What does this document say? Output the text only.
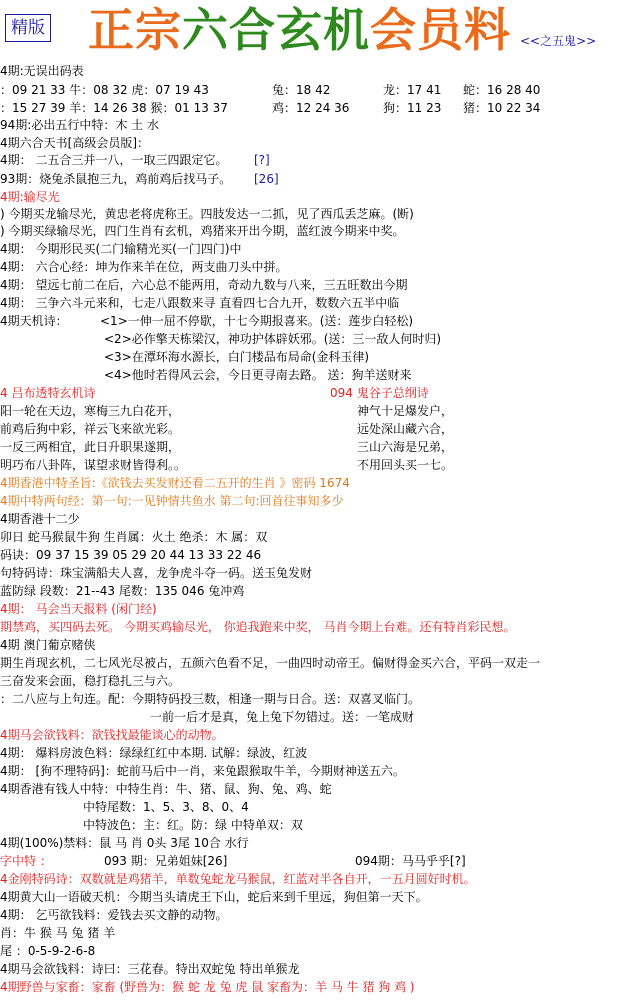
精版 正宗六合玄机会员料 <<之五鬼>>
4期:无误出码表
：09 21 33 牛：08 32 虎：07 19 43	兔：18 42	龙：17 41 蛇：16 28 40
：15 27 39 羊：14 26 38 猴：01 13 37	鸡：12 24 36	狗：11 23 猪：10 22 34
94期:必出五行中特：木 土 水
4期六合天书[高级会员版]：
4期： 二五合三并一八，一取三四跟定它。 [?]
93期：烧兔杀鼠抱三九，鸡前鸡后找马子。 [26]
4期:输尽光
) 今期买龙输尽光，黄忠老将虎称王。四肢发达一二抓，见了西瓜丢芝麻。(断)
) 今期买绿输尽光，四门生肖有玄机，鸡猪来开出今期，蓝红波今期来中奖。
4期： 今期形民买(二门输精光买(一门四门)中
4期： 六合心经：坤为作来羊在位，两支曲刀头中拼。
4期： 望远七前二在后，六心总不能两用，奇动九数与八来，三五旺数出今期
4期： 三争六斗元来和，七走八跟数来寻 直看四七合九开，数数六五半中临
4期天机诗：	<1>一伸一屈不停歇，十七今期报喜来。(送：莲步白轻松)
<2>必作擎天栋梁汉，神功护体辟妖邪。(送：三一敌人何时归)
<3>在潭环海水源长，白门楼品布局命(金科玉律)
<4>他时若得风云会，今日更寻南去路。 送：狗羊送财来
4 吕布透特玄机诗	094 鬼谷子总纲诗
阳一轮在天边，寒梅三九白花开，	神气十足爆发户，
前鸡后狗中彩，祥云飞来欲光彩。	远处深山藏六合，
一反三两相宜，此日升职果遂期，	三山六海是兄弟，
明巧布八卦阵，谋望求财皆得利。。	不用回头买一七。
4期香港中特圣旨:《欲钱去买发财还看二五开的生肖 》密码 1674
4期中特两句经：第一句:一见钟情共鱼水 第二句:回首往事知多少
4期香港十二少
卯日 蛇马猴鼠牛狗 生肖属：火土 绝杀：木 属：双
码诀：09 37 15 39 05 29 20 44 13 33 22 46
句特码诗：珠宝满船夫人喜，龙争虎斗夺一码。送玉兔发财
蓝防绿 段数：21--43 尾数：135 046 兔冲鸡
4期： 马会当天报料 (闲门经)
期禁鸡，买四码去死。 今期买鸡输尽光， 你追我跑来中奖， 马肖今期上台难。还有特肖彩民想。
4期 澳门葡京赌侠
期生肖现玄机，二七风光尽被占，五颜六色看不足，一曲四时动帝王。偏财得金买六合，平码一双走一
三奋发来会面，稳打稳扎三与六。
：二八应与上句连。配：今期特码投三数，相逢一期与日合。送：双喜叉临门。
一前一后才是真，兔上兔下勿错过。送：一笔成财
4期马会欲钱料：欲钱找最能谈心的动物。
4期： 爆料房波色料：绿绿红红中本期. 试解：绿波，红波
4期： [狗不理特码]：蛇前马后中一肖，来兔跟猴取牛羊，今期财神送五六。
4期香港有钱人中特：中特生肖：牛、猪、鼠、狗、兔、鸡、蛇
中特尾数：1、5、3、8、0、4
中特波色：主：红。防：绿 中特单双：双
4期(100%)禁料：鼠 马 肖 0头 3尾 10合 水行
字中特 ：	093 期：兄弟姐妹[26]	094期：马马乎乎[?]
4金刚特码诗：双数就是鸡猪羊，单数兔蛇龙马猴鼠，红蓝对半各自开，一五月圆好时机。
4期黄大山一语破天机：今期当头请虎王下山，蛇后来到千里远，狗但第一天下。
4期： 乞丐欲钱料：爱钱去买文静的动物。
肖：牛 猴 马 兔 猪 羊
尾 ：0-5-9-2-6-8
4期马会欲钱料：诗曰：三花春。特出双蛇兔 特出单猴龙
4期野兽与家畜：家畜 (野兽为：猴 蛇 龙 兔 虎 鼠 家畜为：羊 马 牛 猪 狗 鸡 )
